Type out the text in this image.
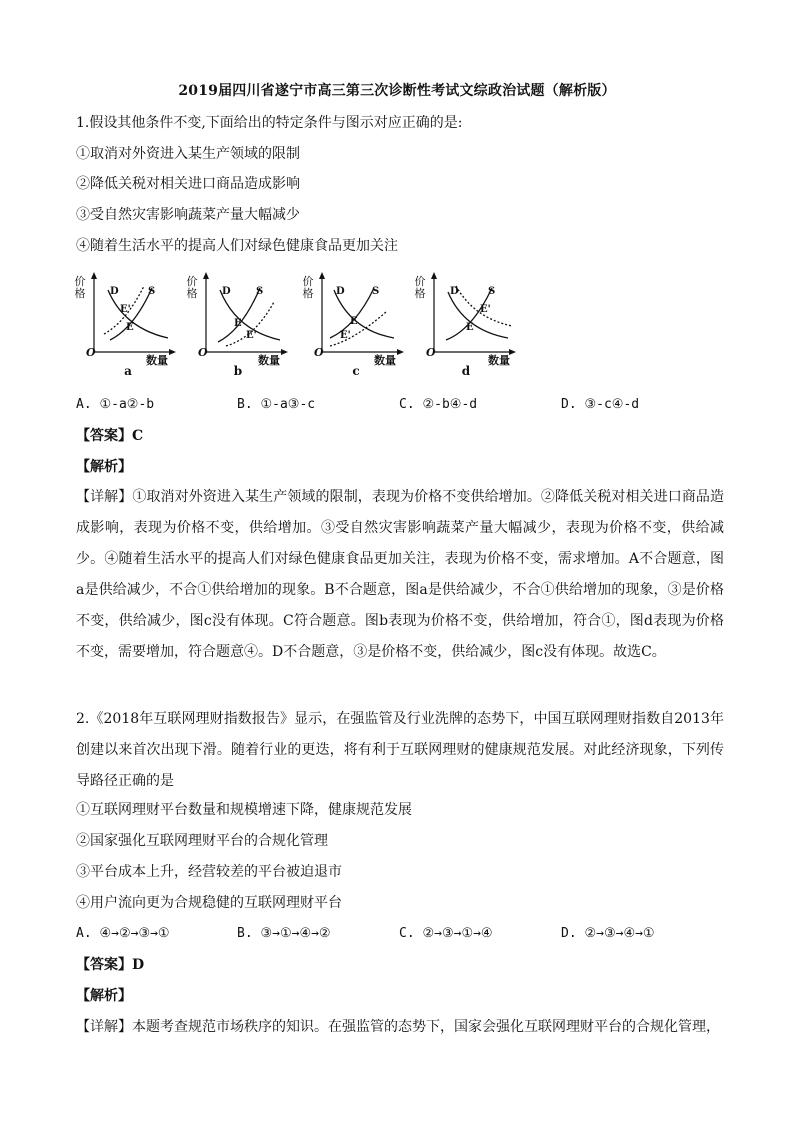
2019届四川省遂宁市高三第三次诊断性考试文综政治试题（解析版）
1.假设其他条件不变,下面给出的特定条件与图示对应正确的是:
①取消对外资进入某生产领域的限制
②降低关税对相关进口商品造成影响
③受自然灾害影响蔬菜产量大幅减少
④随着生活水平的提高人们对绿色健康食品更加关注
价格
O
数量
D	S
E
E'
a
价格
O
数量
D	S
E
E'
b
价格
O
数量
D	S
E
E'
c
价格
O
数量
D	S
E
E'
d
A. ①-a②-b	B. ①-a③-c	C. ②-b④-d	D. ③-c④-d
【答案】C
【解析】
【详解】①取消对外资进入某生产领域的限制，表现为价格不变供给增加。②降低关税对相关进口商品造成影响，表现为价格不变，供给增加。③受自然灾害影响蔬菜产量大幅减少，表现为价格不变，供给减少。④随着生活水平的提高人们对绿色健康食品更加关注，表现为价格不变，需求增加。A不合题意，图a是供给减少，不合①供给增加的现象。B不合题意，图a是供给减少，不合①供给增加的现象，③是价格不变，供给减少，图c没有体现。C符合题意。图b表现为价格不变，供给增加，符合①，图d表现为价格不变，需要增加，符合题意④。D不合题意，③是价格不变，供给减少，图c没有体现。故选C。
2.《2018年互联网理财指数报告》显示，在强监管及行业洗牌的态势下，中国互联网理财指数自2013年创建以来首次出现下滑。随着行业的更迭，将有利于互联网理财的健康规范发展。对此经济现象，下列传导路径正确的是
①互联网理财平台数量和规模增速下降，健康规范发展
②国家强化互联网理财平台的合规化管理
③平台成本上升，经营较差的平台被迫退市
④用户流向更为合规稳健的互联网理财平台
A. ④→②→③→①	B. ③→①→④→②	C. ②→③→①→④	D. ②→③→④→①
【答案】D
【解析】
【详解】本题考查规范市场秩序的知识。在强监管的态势下，国家会强化互联网理财平台的合规化管理，
